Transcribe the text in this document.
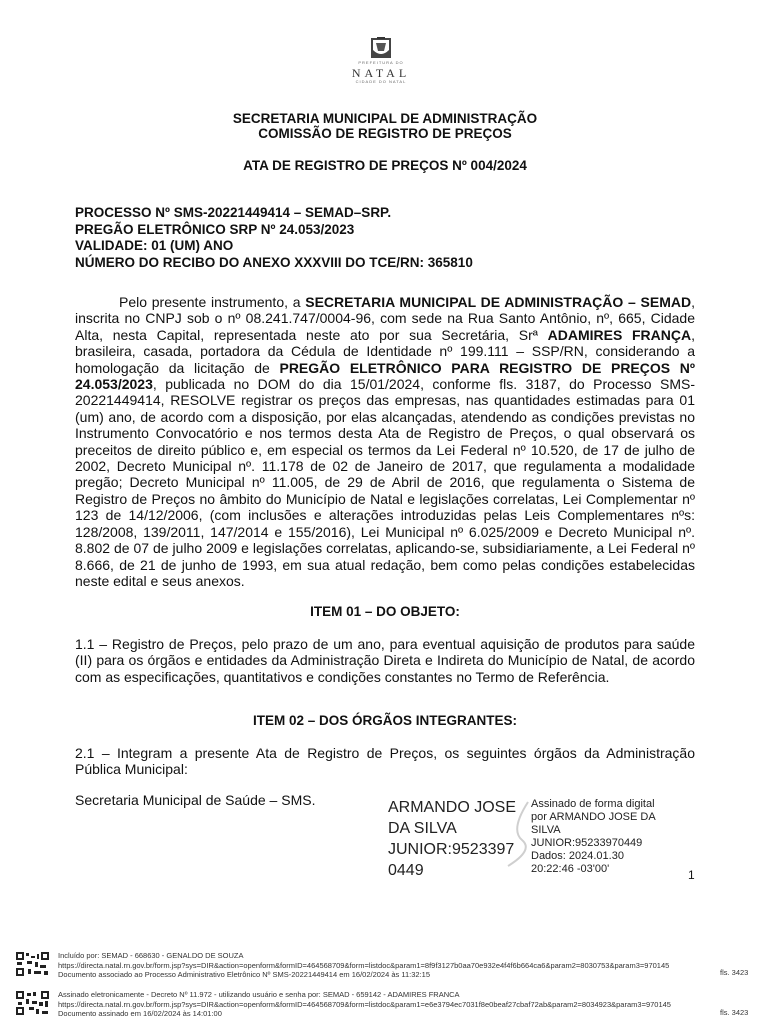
PREFEITURA DO
NATAL
CIDADE DO NATAL
SECRETARIA MUNICIPAL DE ADMINISTRAÇÃO
COMISSÃO DE REGISTRO DE PREÇOS
ATA DE REGISTRO DE PREÇOS Nº 004/2024
PROCESSO Nº SMS-20221449414 – SEMAD–SRP.
PREGÃO ELETRÔNICO SRP Nº 24.053/2023
VALIDADE: 01 (UM) ANO
NÚMERO DO RECIBO DO ANEXO XXXVIII DO TCE/RN: 365810
Pelo presente instrumento, a SECRETARIA MUNICIPAL DE ADMINISTRAÇÃO – SEMAD, inscrita no CNPJ sob o nº 08.241.747/0004-96, com sede na Rua Santo Antônio, nº, 665, Cidade Alta, nesta Capital, representada neste ato por sua Secretária, Srª ADAMIRES FRANÇA, brasileira, casada, portadora da Cédula de Identidade nº 199.111 – SSP/RN, considerando a homologação da licitação de PREGÃO ELETRÔNICO PARA REGISTRO DE PREÇOS Nº 24.053/2023, publicada no DOM do dia 15/01/2024, conforme fls. 3187, do Processo SMS-20221449414, RESOLVE registrar os preços das empresas, nas quantidades estimadas para 01 (um) ano, de acordo com a disposição, por elas alcançadas, atendendo as condições previstas no Instrumento Convocatório e nos termos desta Ata de Registro de Preços, o qual observará os preceitos de direito público e, em especial os termos da Lei Federal nº 10.520, de 17 de julho de 2002, Decreto Municipal nº. 11.178 de 02 de Janeiro de 2017, que regulamenta a modalidade pregão; Decreto Municipal nº 11.005, de 29 de Abril de 2016, que regulamenta o Sistema de Registro de Preços no âmbito do Município de Natal e legislações correlatas, Lei Complementar nº 123 de 14/12/2006, (com inclusões e alterações introduzidas pelas Leis Complementares nºs: 128/2008, 139/2011, 147/2014 e 155/2016), Lei Municipal nº 6.025/2009 e Decreto Municipal nº. 8.802 de 07 de julho 2009 e legislações correlatas, aplicando-se, subsidiariamente, a Lei Federal nº 8.666, de 21 de junho de 1993, em sua atual redação, bem como pelas condições estabelecidas neste edital e seus anexos.
ITEM 01 – DO OBJETO:
1.1 – Registro de Preços, pelo prazo de um ano, para eventual aquisição de produtos para saúde (II) para os órgãos e entidades da Administração Direta e Indireta do Município de Natal, de acordo com as especificações, quantitativos e condições constantes no Termo de Referência.
ITEM 02 – DOS ÓRGÃOS INTEGRANTES:
2.1 – Integram a presente Ata de Registro de Preços, os seguintes órgãos da Administração Pública Municipal:
Secretaria Municipal de Saúde – SMS.	ARMANDO JOSE
DA SILVA
JUNIOR:9523397
0449
Assinado de forma digital
por ARMANDO JOSE DA
SILVA
JUNIOR:95233970449
Dados: 2024.01.30
20:22:46 -03'00'	1
Incluído por: SEMAD - 668630 - GENALDO DE SOUZA
https://directa.natal.rn.gov.br/form.jsp?sys=DIR&action=openform&formID=464568709&form=listdoc&param1=8f9f3127b0aa70e932e4f4f6b664ca6&param2=8030753&param3=970145
Documento associado ao Processo Administrativo Eletrônico Nº SMS-20221449414 em 16/02/2024 às 11:32:15	fls. 3423
Assinado eletronicamente - Decreto Nº 11.972 - utilizando usuário e senha por: SEMAD - 659142 - ADAMIRES FRANCA
https://directa.natal.rn.gov.br/form.jsp?sys=DIR&action=openform&formID=464568709&form=listdoc&param1=e6e3794ec7031f8e0beaf27cbaf72ab&param2=8034923&param3=970145
Documento assinado em 16/02/2024 às 14:01:00	fls. 3423
